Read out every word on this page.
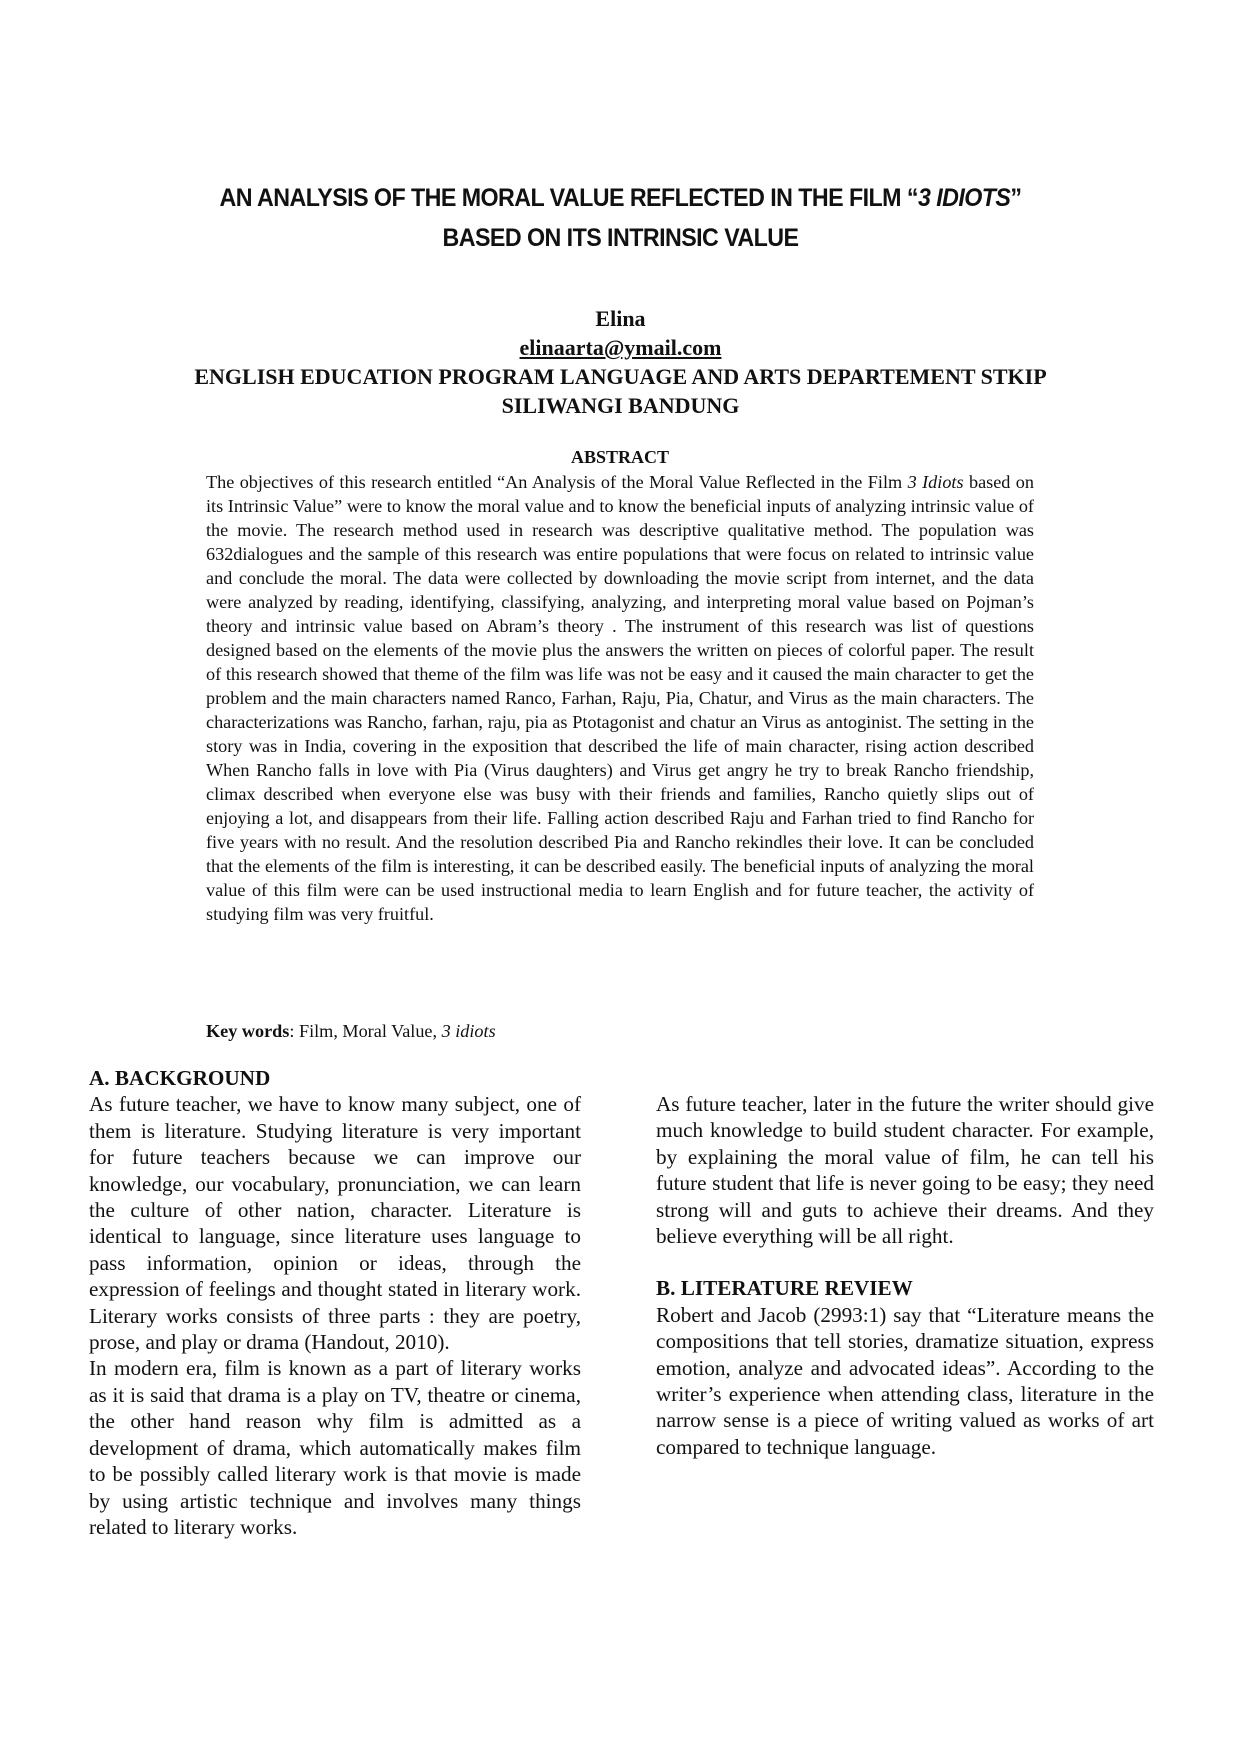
AN ANALYSIS OF THE MORAL VALUE REFLECTED IN THE FILM “3 IDIOTS”
BASED ON ITS INTRINSIC VALUE
Elina
elinaarta@ymail.com
ENGLISH EDUCATION PROGRAM LANGUAGE AND ARTS DEPARTEMENT STKIP
SILIWANGI BANDUNG
ABSTRACT
The objectives of this research entitled “An Analysis of the Moral Value Reflected in the Film 3 Idiots based on its Intrinsic Value” were to know the moral value and to know the beneficial inputs of analyzing intrinsic value of the movie. The research method used in research was descriptive qualitative method. The population was 632dialogues and the sample of this research was entire populations that were focus on related to intrinsic value and conclude the moral. The data were collected by downloading the movie script from internet, and the data were analyzed by reading, identifying, classifying, analyzing, and interpreting moral value based on Pojman’s theory and intrinsic value based on Abram’s theory . The instrument of this research was list of questions designed based on the elements of the movie plus the answers the written on pieces of colorful paper. The result of this research showed that theme of the film was life was not be easy and it caused the main character to get the problem and the main characters named Ranco, Farhan, Raju, Pia, Chatur, and Virus as the main characters. The characterizations was Rancho, farhan, raju, pia as Ptotagonist and chatur an Virus as antoginist. The setting in the story was in India, covering in the exposition that described the life of main character, rising action described When Rancho falls in love with Pia (Virus daughters) and Virus get angry he try to break Rancho friendship, climax described when everyone else was busy with their friends and families, Rancho quietly slips out of enjoying a lot, and disappears from their life. Falling action described Raju and Farhan tried to find Rancho for five years with no result. And the resolution described Pia and Rancho rekindles their love. It can be concluded that the elements of the film is interesting, it can be described easily. The beneficial inputs of analyzing the moral value of this film were can be used instructional media to learn English and for future teacher, the activity of studying film was very fruitful.
Key words: Film, Moral Value, 3 idiots
A. BACKGROUND

As future teacher, we have to know many subject, one of them is literature. Studying literature is very important for future teachers because we can improve our knowledge, our vocabulary, pronunciation, we can learn the culture of other nation, character. Literature is identical to language, since literature uses language to pass information, opinion or ideas, through the expression of feelings and thought stated in literary work. Literary works consists of three parts : they are poetry, prose, and play or drama (Handout, 2010).

In modern era, film is known as a part of literary works as it is said that drama is a play on TV, theatre or cinema, the other hand reason why film is admitted as a development of drama, which automatically makes film to be possibly called literary work is that movie is made by using artistic technique and involves many things related to literary works.

As future teacher, later in the future the writer should give much knowledge to build student character. For example, by explaining the moral value of film, he can tell his future student that life is never going to be easy; they need strong will and guts to achieve their dreams. And they believe everything will be all right.

B. LITERATURE REVIEW

Robert and Jacob (2993:1) say that “Literature means the compositions that tell stories, dramatize situation, express emotion, analyze and advocated ideas”. According to the writer’s experience when attending class, literature in the narrow sense is a piece of writing valued as works of art compared to technique language.
